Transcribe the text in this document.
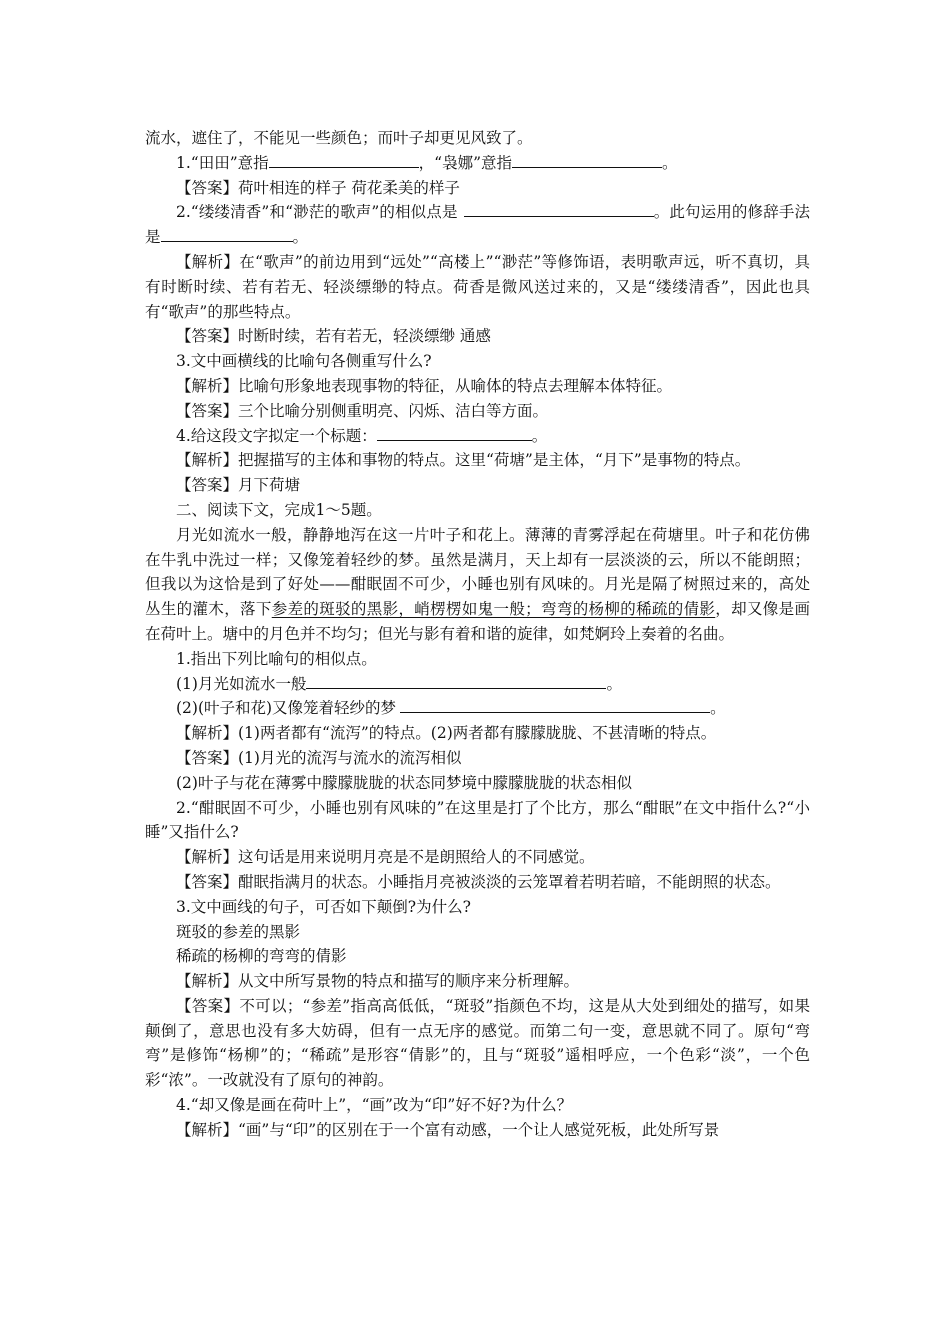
流水，遮住了，不能见一些颜色；而叶子却更见风致了。

1.“田田”意指	，“袅娜”意指	。

【答案】荷叶相连的样子 荷花柔美的样子

2.“缕缕清香”和“渺茫的歌声”的相似点是	。此句运用的修辞手法是	。

【解析】在“歌声”的前边用到“远处”“高楼上”“渺茫”等修饰语，表明歌声远，听不真切，具有时断时续、若有若无、轻淡缥缈的特点。荷香是微风送过来的，又是“缕缕清香”，因此也具有“歌声”的那些特点。

【答案】时断时续，若有若无，轻淡缥缈 通感

3.文中画横线的比喻句各侧重写什么?

【解析】比喻句形象地表现事物的特征，从喻体的特点去理解本体特征。

【答案】三个比喻分别侧重明亮、闪烁、洁白等方面。

4.给这段文字拟定一个标题：	。

【解析】把握描写的主体和事物的特点。这里“荷塘”是主体，“月下”是事物的特点。

【答案】月下荷塘

二、阅读下文，完成1～5题。

月光如流水一般，静静地泻在这一片叶子和花上。薄薄的青雾浮起在荷塘里。叶子和花仿佛在牛乳中洗过一样；又像笼着轻纱的梦。虽然是满月，天上却有一层淡淡的云，所以不能朗照；但我以为这恰是到了好处——酣眠固不可少，小睡也别有风味的。月光是隔了树照过来的，高处丛生的灌木，落下参差的斑驳的黑影，峭楞楞如鬼一般；弯弯的杨柳的稀疏的倩影，却又像是画在荷叶上。塘中的月色并不均匀；但光与影有着和谐的旋律，如梵婀玲上奏着的名曲。

1.指出下列比喻句的相似点。

(1)月光如流水一般	。

(2)(叶子和花)又像笼着轻纱的梦	。

【解析】(1)两者都有“流泻”的特点。(2)两者都有朦朦胧胧、不甚清晰的特点。

【答案】(1)月光的流泻与流水的流泻相似

(2)叶子与花在薄雾中朦朦胧胧的状态同梦境中朦朦胧胧的状态相似

2.“酣眠固不可少，小睡也别有风味的”在这里是打了个比方，那么“酣眠”在文中指什么?“小睡”又指什么?

【解析】这句话是用来说明月亮是不是朗照给人的不同感觉。

【答案】酣眠指满月的状态。小睡指月亮被淡淡的云笼罩着若明若暗，不能朗照的状态。

3.文中画线的句子，可否如下颠倒?为什么?

斑驳的参差的黑影

稀疏的杨柳的弯弯的倩影

【解析】从文中所写景物的特点和描写的顺序来分析理解。

【答案】不可以；“参差”指高高低低，“斑驳”指颜色不均，这是从大处到细处的描写，如果颠倒了，意思也没有多大妨碍，但有一点无序的感觉。而第二句一变，意思就不同了。原句“弯弯”是修饰“杨柳”的；“稀疏”是形容“倩影”的，且与“斑驳”遥相呼应，一个色彩“淡”，一个色彩“浓”。一改就没有了原句的神韵。

4.“却又像是画在荷叶上”，“画”改为“印”好不好?为什么？

【解析】“画”与“印”的区别在于一个富有动感，一个让人感觉死板，此处所写景
